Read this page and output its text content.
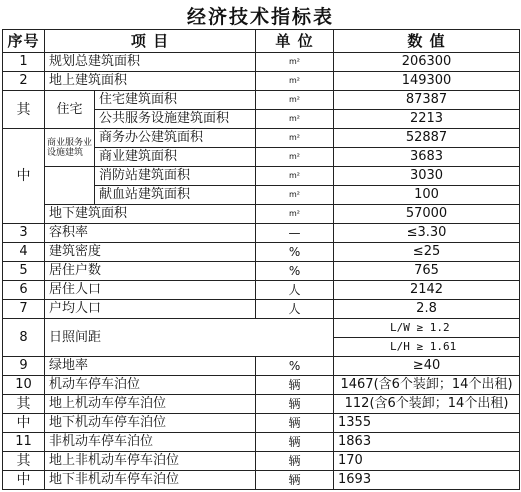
经济技术指标表
序号	项 目		单 位	数 值
1	规划总建筑面积		m²	206300
2	地上建筑面积		m²	149300
其	住宅	住宅建筑面积	m²	87387
		公共服务设施建筑面积	m²	2213
中	商业服务业设施建筑	商务办公建筑面积	m²	52887
		商业建筑面积	m²	3683
		消防站建筑面积	m²	3030
		献血站建筑面积	m²	100
	地下建筑面积		m²	57000
3	容积率		—	≤3.30
4	建筑密度		%	≤25
5	居住户数		%	765
6	居住人口		人	2142
7	户均人口		人	2.8
8	日照间距			L/W ≥ 1.2
				L/H ≥ 1.61
9	绿地率		%	≥40
10	机动车停车泊位		辆	1467(含6个装卸；14个出租)
其	地上机动车停车泊位		辆	112(含6个装卸；14个出租)
中	地下机动车停车泊位		辆	1355
11	非机动车停车泊位		辆	1863
其	地上非机动车停车泊位		辆	170
中	地下非机动车停车泊位		辆	1693
